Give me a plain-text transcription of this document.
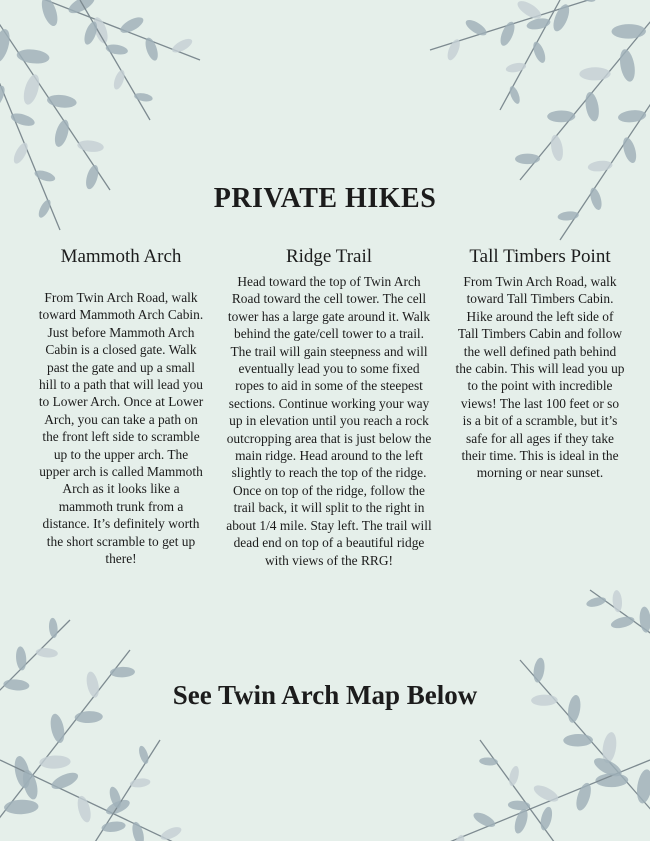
PRIVATE HIKES
Mammoth Arch

From Twin Arch Road, walk toward Mammoth Arch Cabin. Just before Mammoth Arch Cabin is a closed gate. Walk past the gate and up a small hill to a path that will lead you to Lower Arch. Once at Lower Arch, you can take a path on the front left side to scramble up to the upper arch. The upper arch is called Mammoth Arch as it looks like a mammoth trunk from a distance. It’s definitely worth the short scramble to get up there!

Ridge Trail

Head toward the top of Twin Arch Road toward the cell tower. The cell tower has a large gate around it. Walk behind the gate/cell tower to a trail. The trail will gain steepness and will eventually lead you to some fixed ropes to aid in some of the steepest sections. Continue working your way up in elevation until you reach a rock outcropping area that is just below the main ridge. Head around to the left slightly to reach the top of the ridge. Once on top of the ridge, follow the trail back, it will split to the right in about 1/4 mile. Stay left. The trail will dead end on top of a beautiful ridge with views of the RRG!

Tall Timbers Point

From Twin Arch Road, walk toward Tall Timbers Cabin. Hike around the left side of Tall Timbers Cabin and follow the well defined path behind the cabin. This will lead you up to the point with incredible views! The last 100 feet or so is a bit of a scramble, but it’s safe for all ages if they take their time. This is ideal in the morning or near sunset.

See Twin Arch Map Below
